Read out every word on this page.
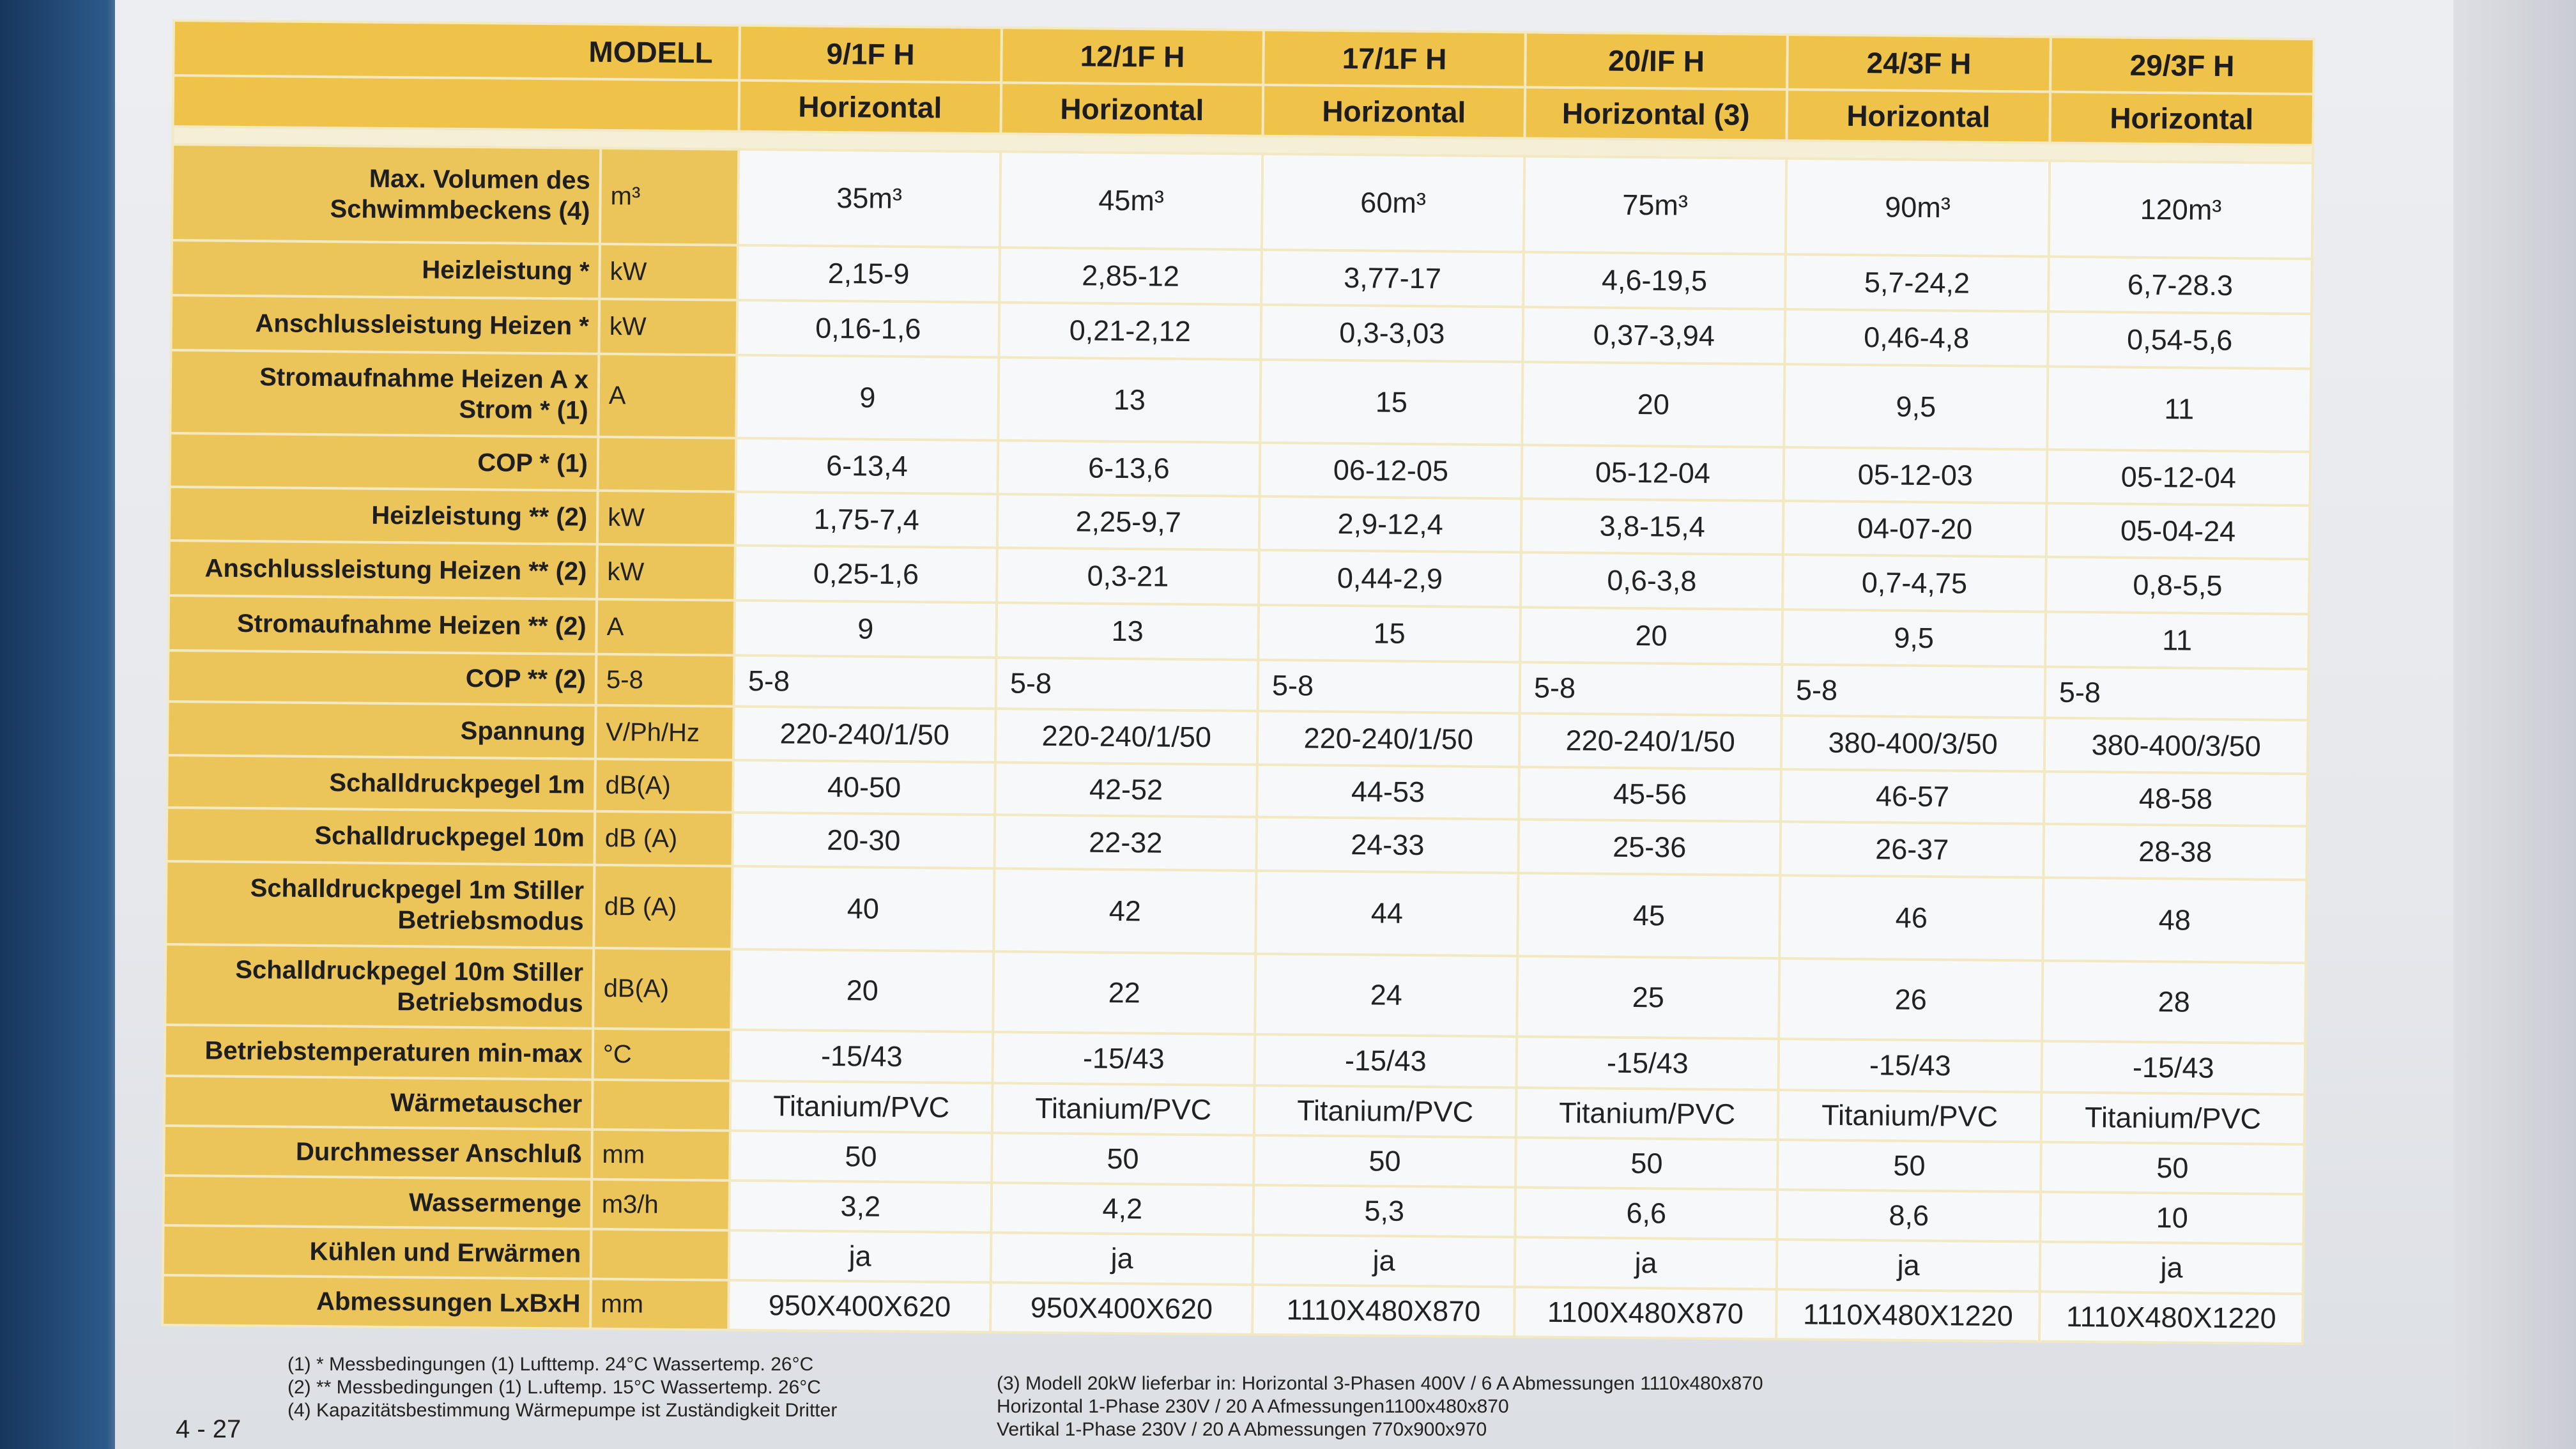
MODELL		9/1F H	12/1F H	17/1F H	20/IF H	24/3F H	29/3F H
		Horizontal	Horizontal	Horizontal	Horizontal (3)	Horizontal	Horizontal

Max. Volumen des Schwimmbeckens (4)	m³	35m³	45m³	60m³	75m³	90m³	120m³
Heizleistung *	kW	2,15-9	2,85-12	3,77-17	4,6-19,5	5,7-24,2	6,7-28.3
Anschlussleistung Heizen *	kW	0,16-1,6	0,21-2,12	0,3-3,03	0,37-3,94	0,46-4,8	0,54-5,6
Stromaufnahme Heizen A x Strom * (1)	A	9	13	15	20	9,5	11
COP * (1)		6-13,4	6-13,6	06-12-05	05-12-04	05-12-03	05-12-04
Heizleistung ** (2)	kW	1,75-7,4	2,25-9,7	2,9-12,4	3,8-15,4	04-07-20	05-04-24
Anschlussleistung Heizen ** (2)	kW	0,25-1,6	0,3-21	0,44-2,9	0,6-3,8	0,7-4,75	0,8-5,5
Stromaufnahme Heizen ** (2)	A	9	13	15	20	9,5	11
COP ** (2)	5-8	5-8	5-8	5-8	5-8	5-8	5-8
Spannung	V/Ph/Hz	220-240/1/50	220-240/1/50	220-240/1/50	220-240/1/50	380-400/3/50	380-400/3/50
Schalldruckpegel 1m	dB(A)	40-50	42-52	44-53	45-56	46-57	48-58
Schalldruckpegel 10m	dB (A)	20-30	22-32	24-33	25-36	26-37	28-38
Schalldruckpegel 1m Stiller Betriebsmodus	dB (A)	40	42	44	45	46	48
Schalldruckpegel 10m Stiller Betriebsmodus	dB(A)	20	22	24	25	26	28
Betriebstemperaturen min-max	°C	-15/43	-15/43	-15/43	-15/43	-15/43	-15/43
Wärmetauscher		Titanium/PVC	Titanium/PVC	Titanium/PVC	Titanium/PVC	Titanium/PVC	Titanium/PVC
Durchmesser Anschluß	mm	50	50	50	50	50	50
Wassermenge	m3/h	3,2	4,2	5,3	6,6	8,6	10
Kühlen und Erwärmen		ja	ja	ja	ja	ja	ja
Abmessungen LxBxH	mm	950X400X620	950X400X620	1110X480X870	1100X480X870	1110X480X1220	1110X480X1220
(1) * Messbedingungen (1) Lufttemp. 24°C Wassertemp. 26°C
(2) ** Messbedingungen (1) L.uftemp. 15°C Wassertemp. 26°C
(4) Kapazitätsbestimmung Wärmepumpe ist Zuständigkeit Dritter
(3) Modell 20kW lieferbar in: Horizontal 3-Phasen 400V / 6 A Abmessungen 1110x480x870
Horizontal 1-Phase 230V / 20 A Afmessungen1100x480x870
Vertikal 1-Phase 230V / 20 A Abmessungen 770x900x970
4 - 27
